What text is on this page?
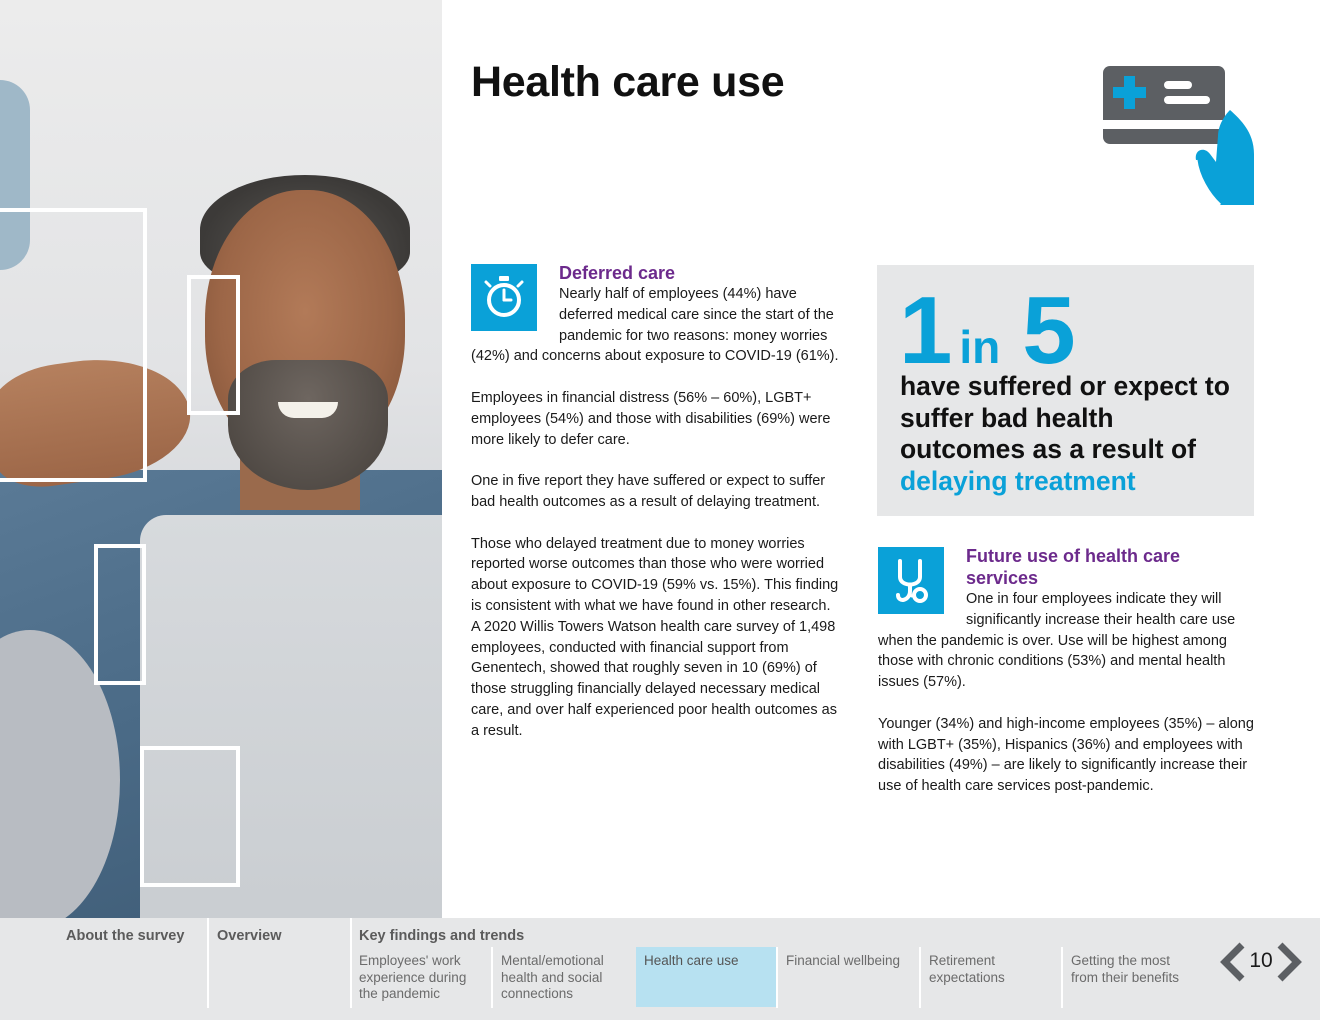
Health care use
Deferred care

Nearly half of employees (44%) have deferred medical care since the start of the pandemic for two reasons: money worries (42%) and concerns about exposure to COVID-19 (61%).

Employees in financial distress (56% – 60%), LGBT+ employees (54%) and those with disabilities (69%) were more likely to defer care.

One in five report they have suffered or expect to suffer bad health outcomes as a result of delaying treatment.

Those who delayed treatment due to money worries reported worse outcomes than those who were worried about exposure to COVID-19 (59% vs. 15%). This finding is consistent with what we have found in other research. A 2020 Willis Towers Watson health care survey of 1,498 employees, conducted with financial support from Genentech, showed that roughly seven in 10 (69%) of those struggling financially delayed necessary medical care, and over half experienced poor health outcomes as a result.

1 in 5

have suffered or expect to suffer bad health outcomes as a result of delaying treatment

Future use of health care services

One in four employees indicate they will significantly increase their health care use when the pandemic is over. Use will be highest among those with chronic conditions (53%) and mental health issues (57%).

Younger (34%) and high-income employees (35%) – along with LGBT+ (35%), Hispanics (36%) and employees with disabilities (49%) – are likely to significantly increase their use of health care services post-pandemic.

About the survey Overview	Key findings and trends
Employees' work experience during the pandemic
Mental/emotional health and social connections
Health care use	Financial wellbeing	Retirement expectations
Getting the most from their benefits
10
